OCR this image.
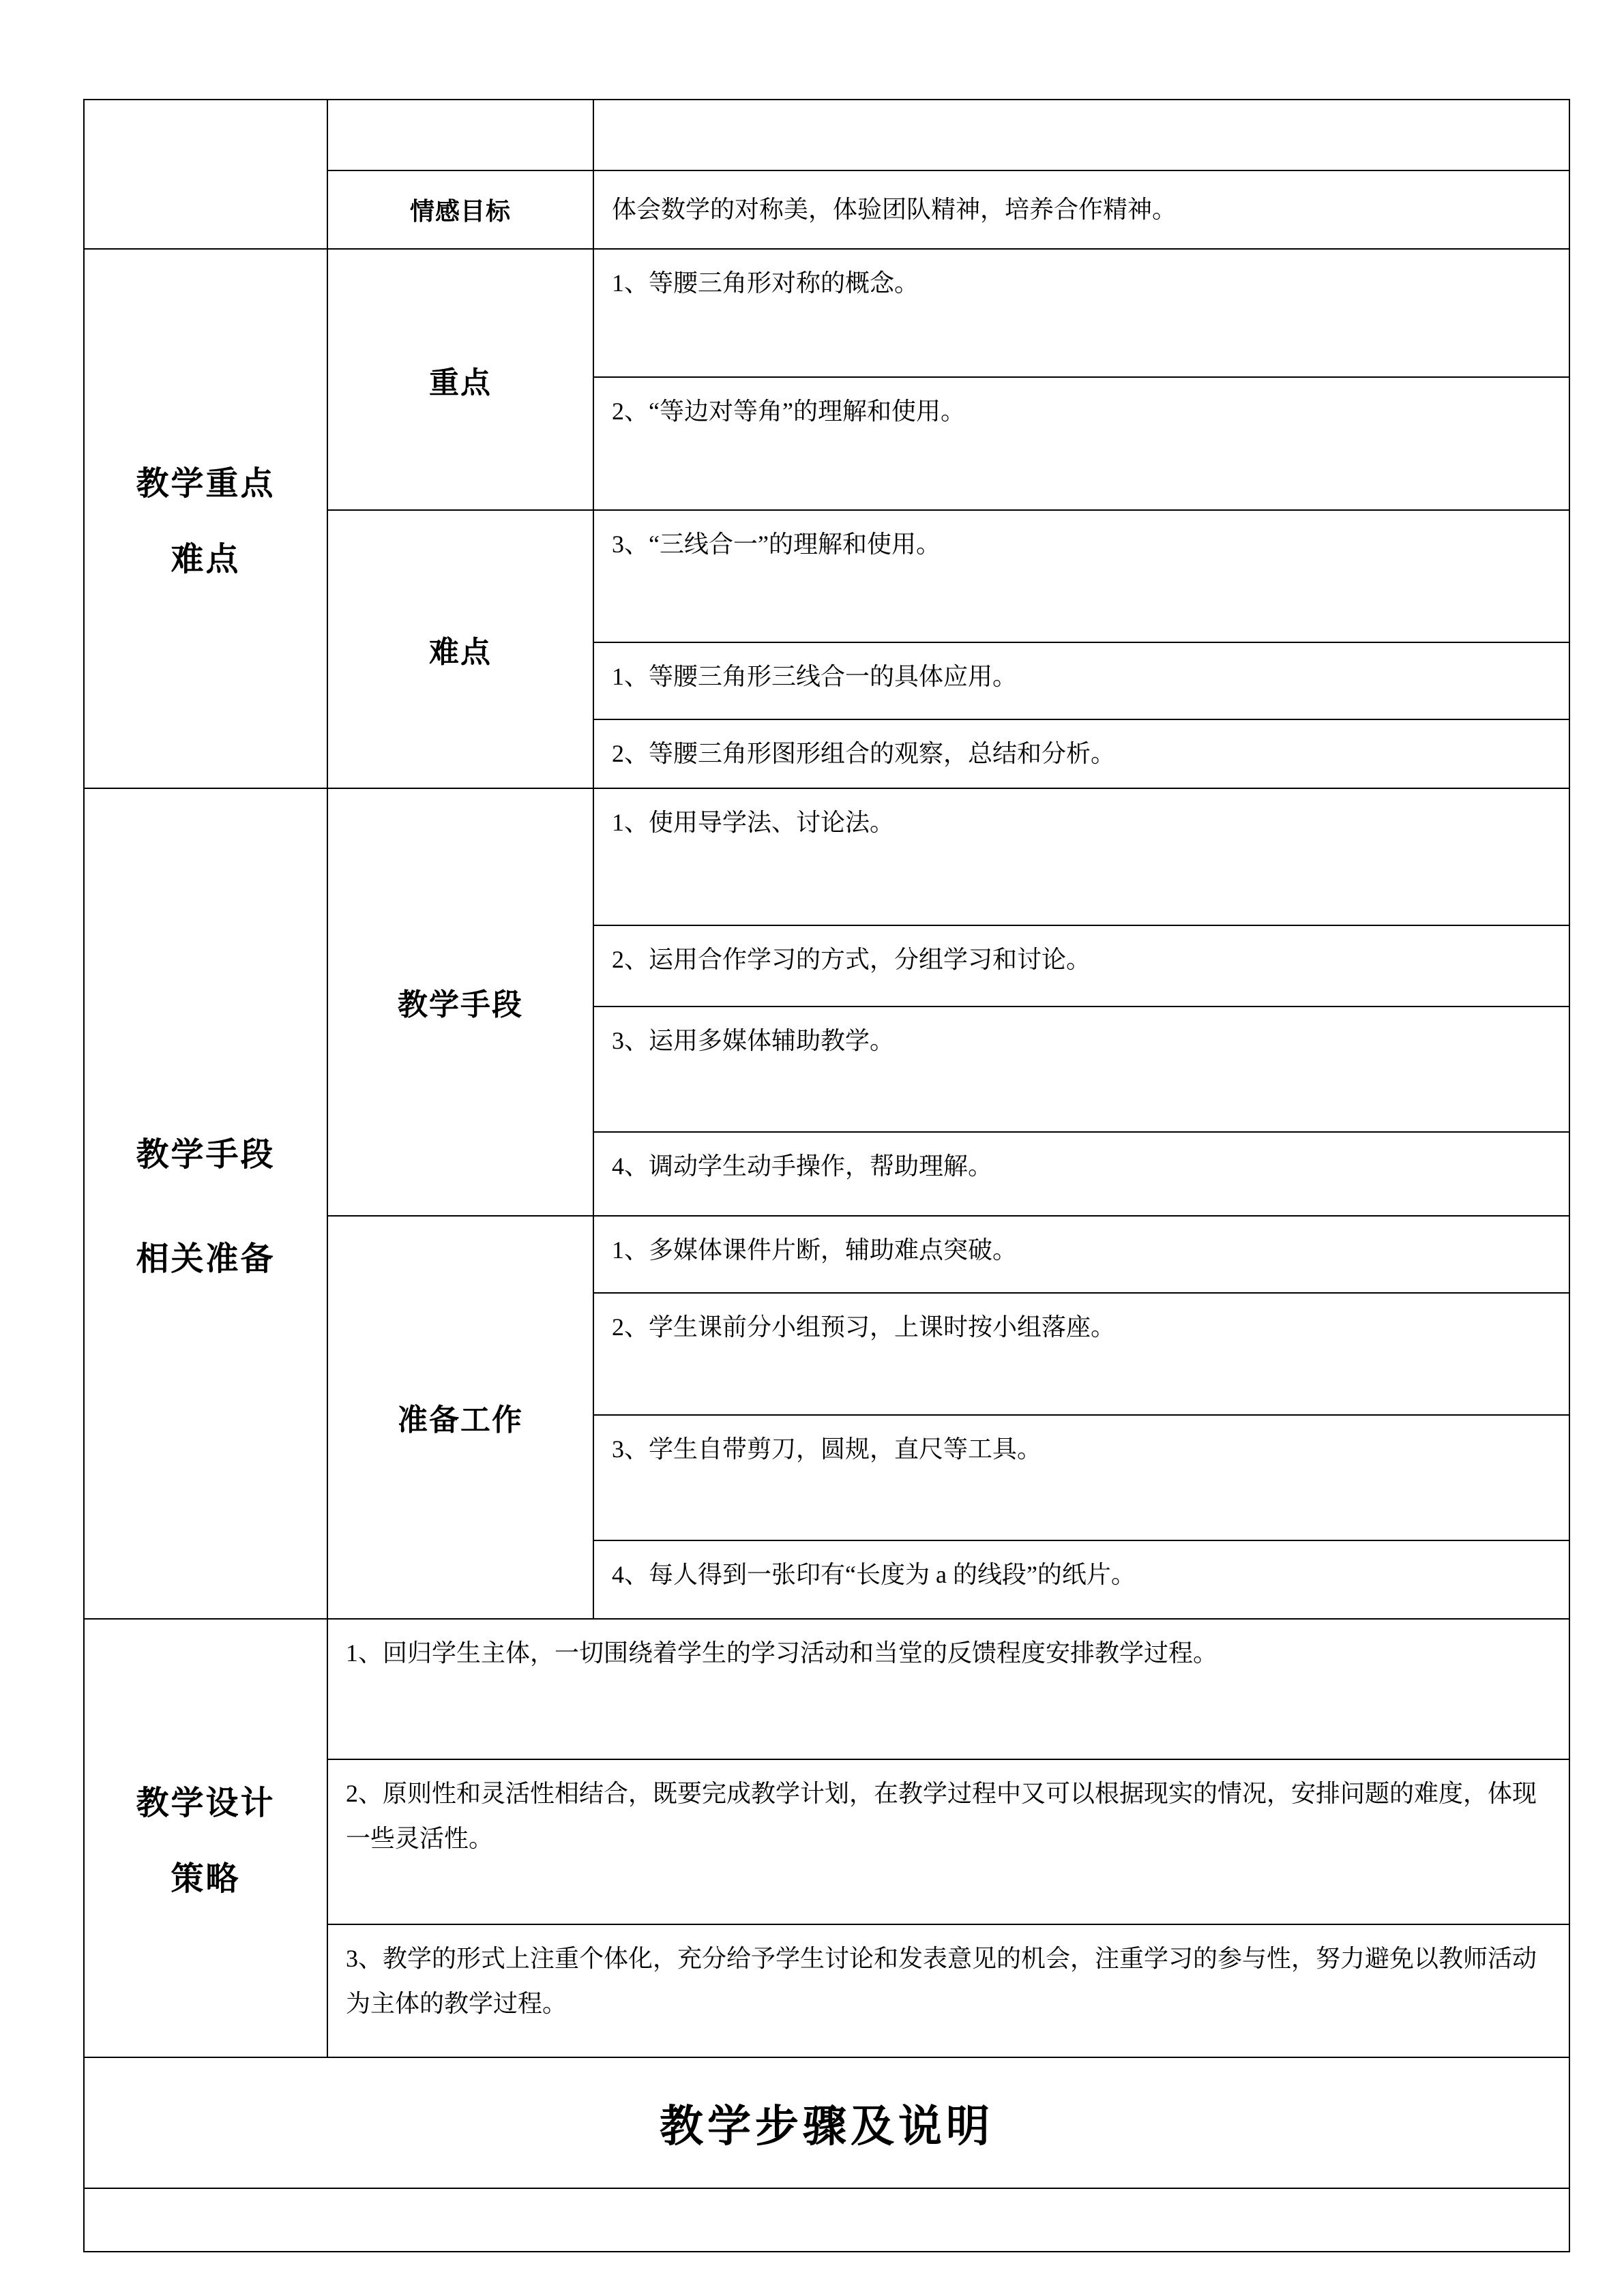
	情感目标	体会数学的对称美，体验团队精神，培养合作精神。

教学重点
难点	重点	1、等腰三角形对称的概念。
		2、“等边对等角”的理解和使用。
	难点	3、“三线合一”的理解和使用。
		1、等腰三角形三线合一的具体应用。
		2、等腰三角形图形组合的观察，总结和分析。

教学手段
相关准备	教学手段	1、使用导学法、讨论法。
		2、运用合作学习的方式，分组学习和讨论。
		3、运用多媒体辅助教学。
		4、调动学生动手操作，帮助理解。
	准备工作	1、多媒体课件片断，辅助难点突破。
		2、学生课前分小组预习，上课时按小组落座。
		3、学生自带剪刀，圆规，直尺等工具。
		4、每人得到一张印有“长度为 a 的线段”的纸片。

教学设计
策略	1、回归学生主体，一切围绕着学生的学习活动和当堂的反馈程度安排教学过程。	
	2、原则性和灵活性相结合，既要完成教学计划，在教学过程中又可以根据现实的情况，安排问题的难度，体现一些灵活性。	
	3、教学的形式上注重个体化，充分给予学生讨论和发表意见的机会，注重学习的参与性，努力避免以教师活动为主体的教学过程。	
教学步骤及说明		
